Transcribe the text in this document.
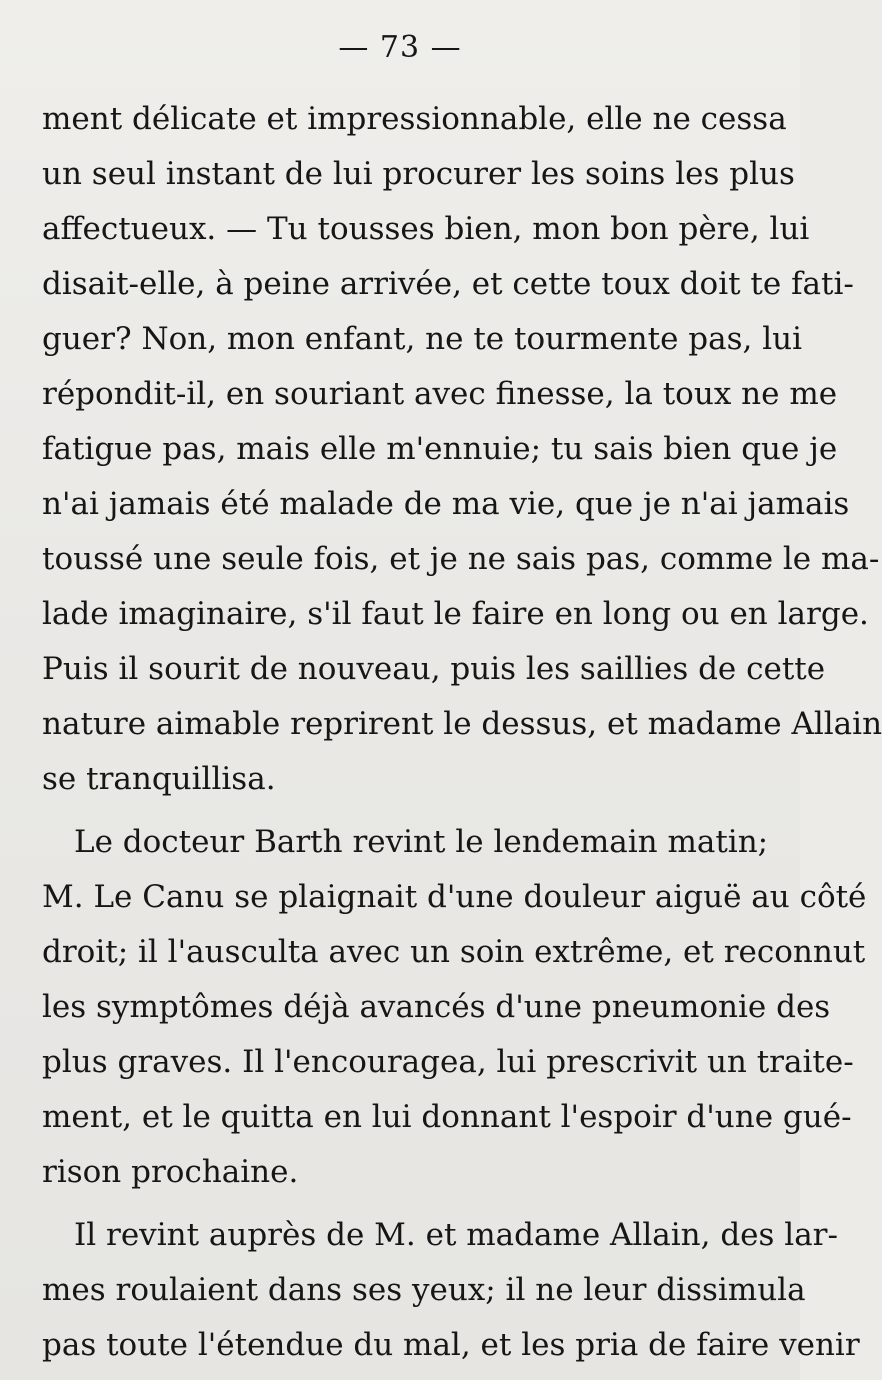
— 73 —
ment délicate et impressionnable, elle ne cessa
un seul instant de lui procurer les soins les plus
affectueux. — Tu tousses bien, mon bon père, lui
disait-elle, à peine arrivée, et cette toux doit te fati-
guer? Non, mon enfant, ne te tourmente pas, lui
répondit-il, en souriant avec finesse, la toux ne me
fatigue pas, mais elle m'ennuie; tu sais bien que je
n'ai jamais été malade de ma vie, que je n'ai jamais
toussé une seule fois, et je ne sais pas, comme le ma-
lade imaginaire, s'il faut le faire en long ou en large.
Puis il sourit de nouveau, puis les saillies de cette
nature aimable reprirent le dessus, et madame Allain
se tranquillisa.
Le docteur Barth revint le lendemain matin;
M. Le Canu se plaignait d'une douleur aiguë au côté
droit; il l'ausculta avec un soin extrême, et reconnut
les symptômes déjà avancés d'une pneumonie des
plus graves. Il l'encouragea, lui prescrivit un traite-
ment, et le quitta en lui donnant l'espoir d'une gué-
rison prochaine.
Il revint auprès de M. et madame Allain, des lar-
mes roulaient dans ses yeux; il ne leur dissimula
pas toute l'étendue du mal, et les pria de faire venir
